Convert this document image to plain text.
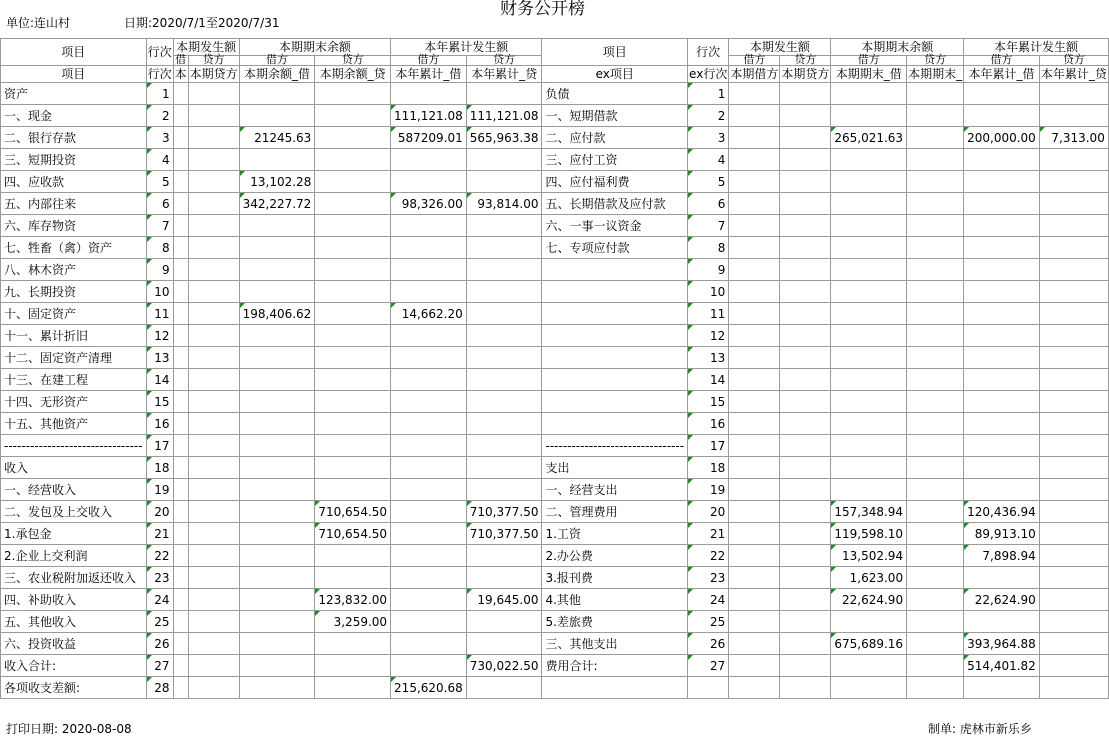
财务公开榜
单位:连山村	日期:2020/7/1至2020/7/31
项目	行次	本期发生额		本期期末余额		本年累计发生额		项目	行次	本期发生额		本期期末余额		本年累计发生额	
		借	贷方	借方	贷方	借方	贷方			借方	贷方	借方	贷方	借方	贷方
项目	行次	本	本期贷方	本期余额_借	本期余额_贷	本年累计_借	本年累计_贷	ex项目	ex行次	本期借方	本期贷方	本期期末_借	本期期末_	本年累计_借	本年累计_贷
资产	1							负债	1						
一、现金	2					111,121.08	111,121.08	一、短期借款	2						
二、银行存款	3			21245.63		587209.01	565,963.38	二、应付款	3			265,021.63		200,000.00	7,313.00
三、短期投资	4							三、应付工资	4						
四、应收款	5			13,102.28				四、应付福利费	5						
五、内部往来	6			342,227.72		98,326.00	93,814.00	五、长期借款及应付款	6						
六、库存物资	7							六、一事一议资金	7						
七、牲畜（禽）资产	8							七、专项应付款	8						
八、林木资产	9								9						
九、长期投资	10								10						
十、固定资产	11			198,406.62		14,662.20			11						
十一、累计折旧	12								12						
十二、固定资产清理	13								13						
十三、在建工程	14								14						
十四、无形资产	15								15						
十五、其他资产	16								16						
--------------------------------	17							--------------------------------	17						
收入	18							支出	18						
一、经营收入	19							一、经营支出	19						
二、发包及上交收入	20				710,654.50		710,377.50	二、管理费用	20			157,348.94		120,436.94	
1.承包金	21				710,654.50		710,377.50	1.工资	21			119,598.10		89,913.10	
2.企业上交利润	22							2.办公费	22			13,502.94		7,898.94	
三、农业税附加返还收入	23							3.报刊费	23			1,623.00			
四、补助收入	24				123,832.00		19,645.00	4.其他	24			22,624.90		22,624.90	
五、其他收入	25				3,259.00			5.差旅费	25						
六、投资收益	26							三、其他支出	26			675,689.16		393,964.88	
收入合计:	27						730,022.50	费用合计:	27					514,401.82	
各项收支差额:	28					215,620.68									
打印日期: 2020-08-08	制单: 虎林市新乐乡
